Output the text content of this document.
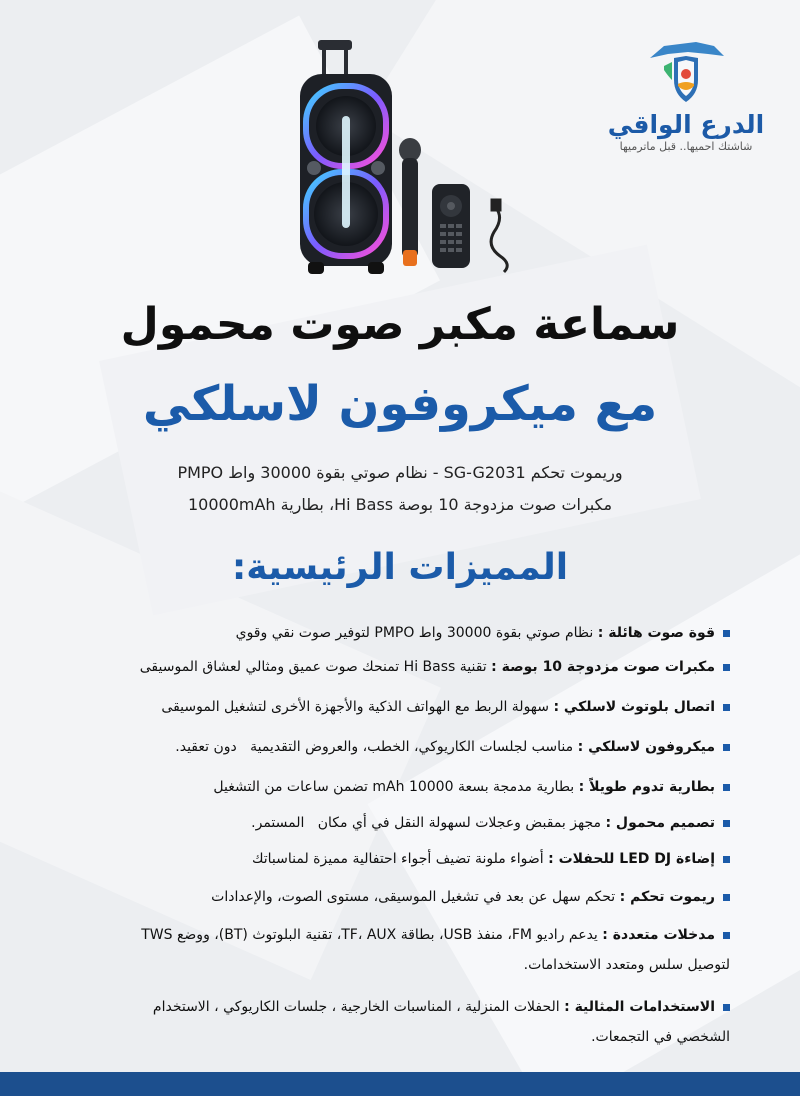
الدرع الواقي
شاشتك احميها.. قبل ماترميها
سماعة مكبر صوت محمول
مع ميكروفون لاسلكي
وريموت تحكم SG-G2031 - نظام صوتي بقوة 30000 واط PMPO
مكبرات صوت مزدوجة 10 بوصة Hi Bass، بطارية 10000mAh
المميزات الرئيسية:
قوة صوت هائلة : نظام صوتي بقوة 30000 واط PMPO لتوفير صوت نقي وقوي
مكبرات صوت مزدوجة 10 بوصة : تقنية Hi Bass تمنحك صوت عميق ومثالي لعشاق الموسيقى
اتصال بلوتوث لاسلكي : سهولة الربط مع الهواتف الذكية والأجهزة الأخرى لتشغيل الموسيقى
ميكروفون لاسلكي : مناسب لجلسات الكاريوكي، الخطب، والعروض التقديمية   دون تعقيد.
بطارية تدوم طويلاً : بطارية مدمجة بسعة 10000 mAh تضمن ساعات من التشغيل
تصميم محمول : مجهز بمقبض وعجلات لسهولة النقل في أي مكان   المستمر.
إضاءة LED DJ للحفلات : أضواء ملونة تضيف أجواء احتفالية مميزة لمناسباتك
ريموت تحكم : تحكم سهل عن بعد في تشغيل الموسيقى، مستوى الصوت، والإعدادات
مدخلات متعددة : يدعم راديو FM، منفذ USB، بطاقة TF، AUX، تقنية البلوتوث (BT)، ووضع TWS
لتوصيل سلس ومتعدد الاستخدامات.
الاستخدامات المثالية : الحفلات المنزلية ، المناسبات الخارجية ، جلسات الكاريوكي ، الاستخدام
الشخصي في التجمعات.
